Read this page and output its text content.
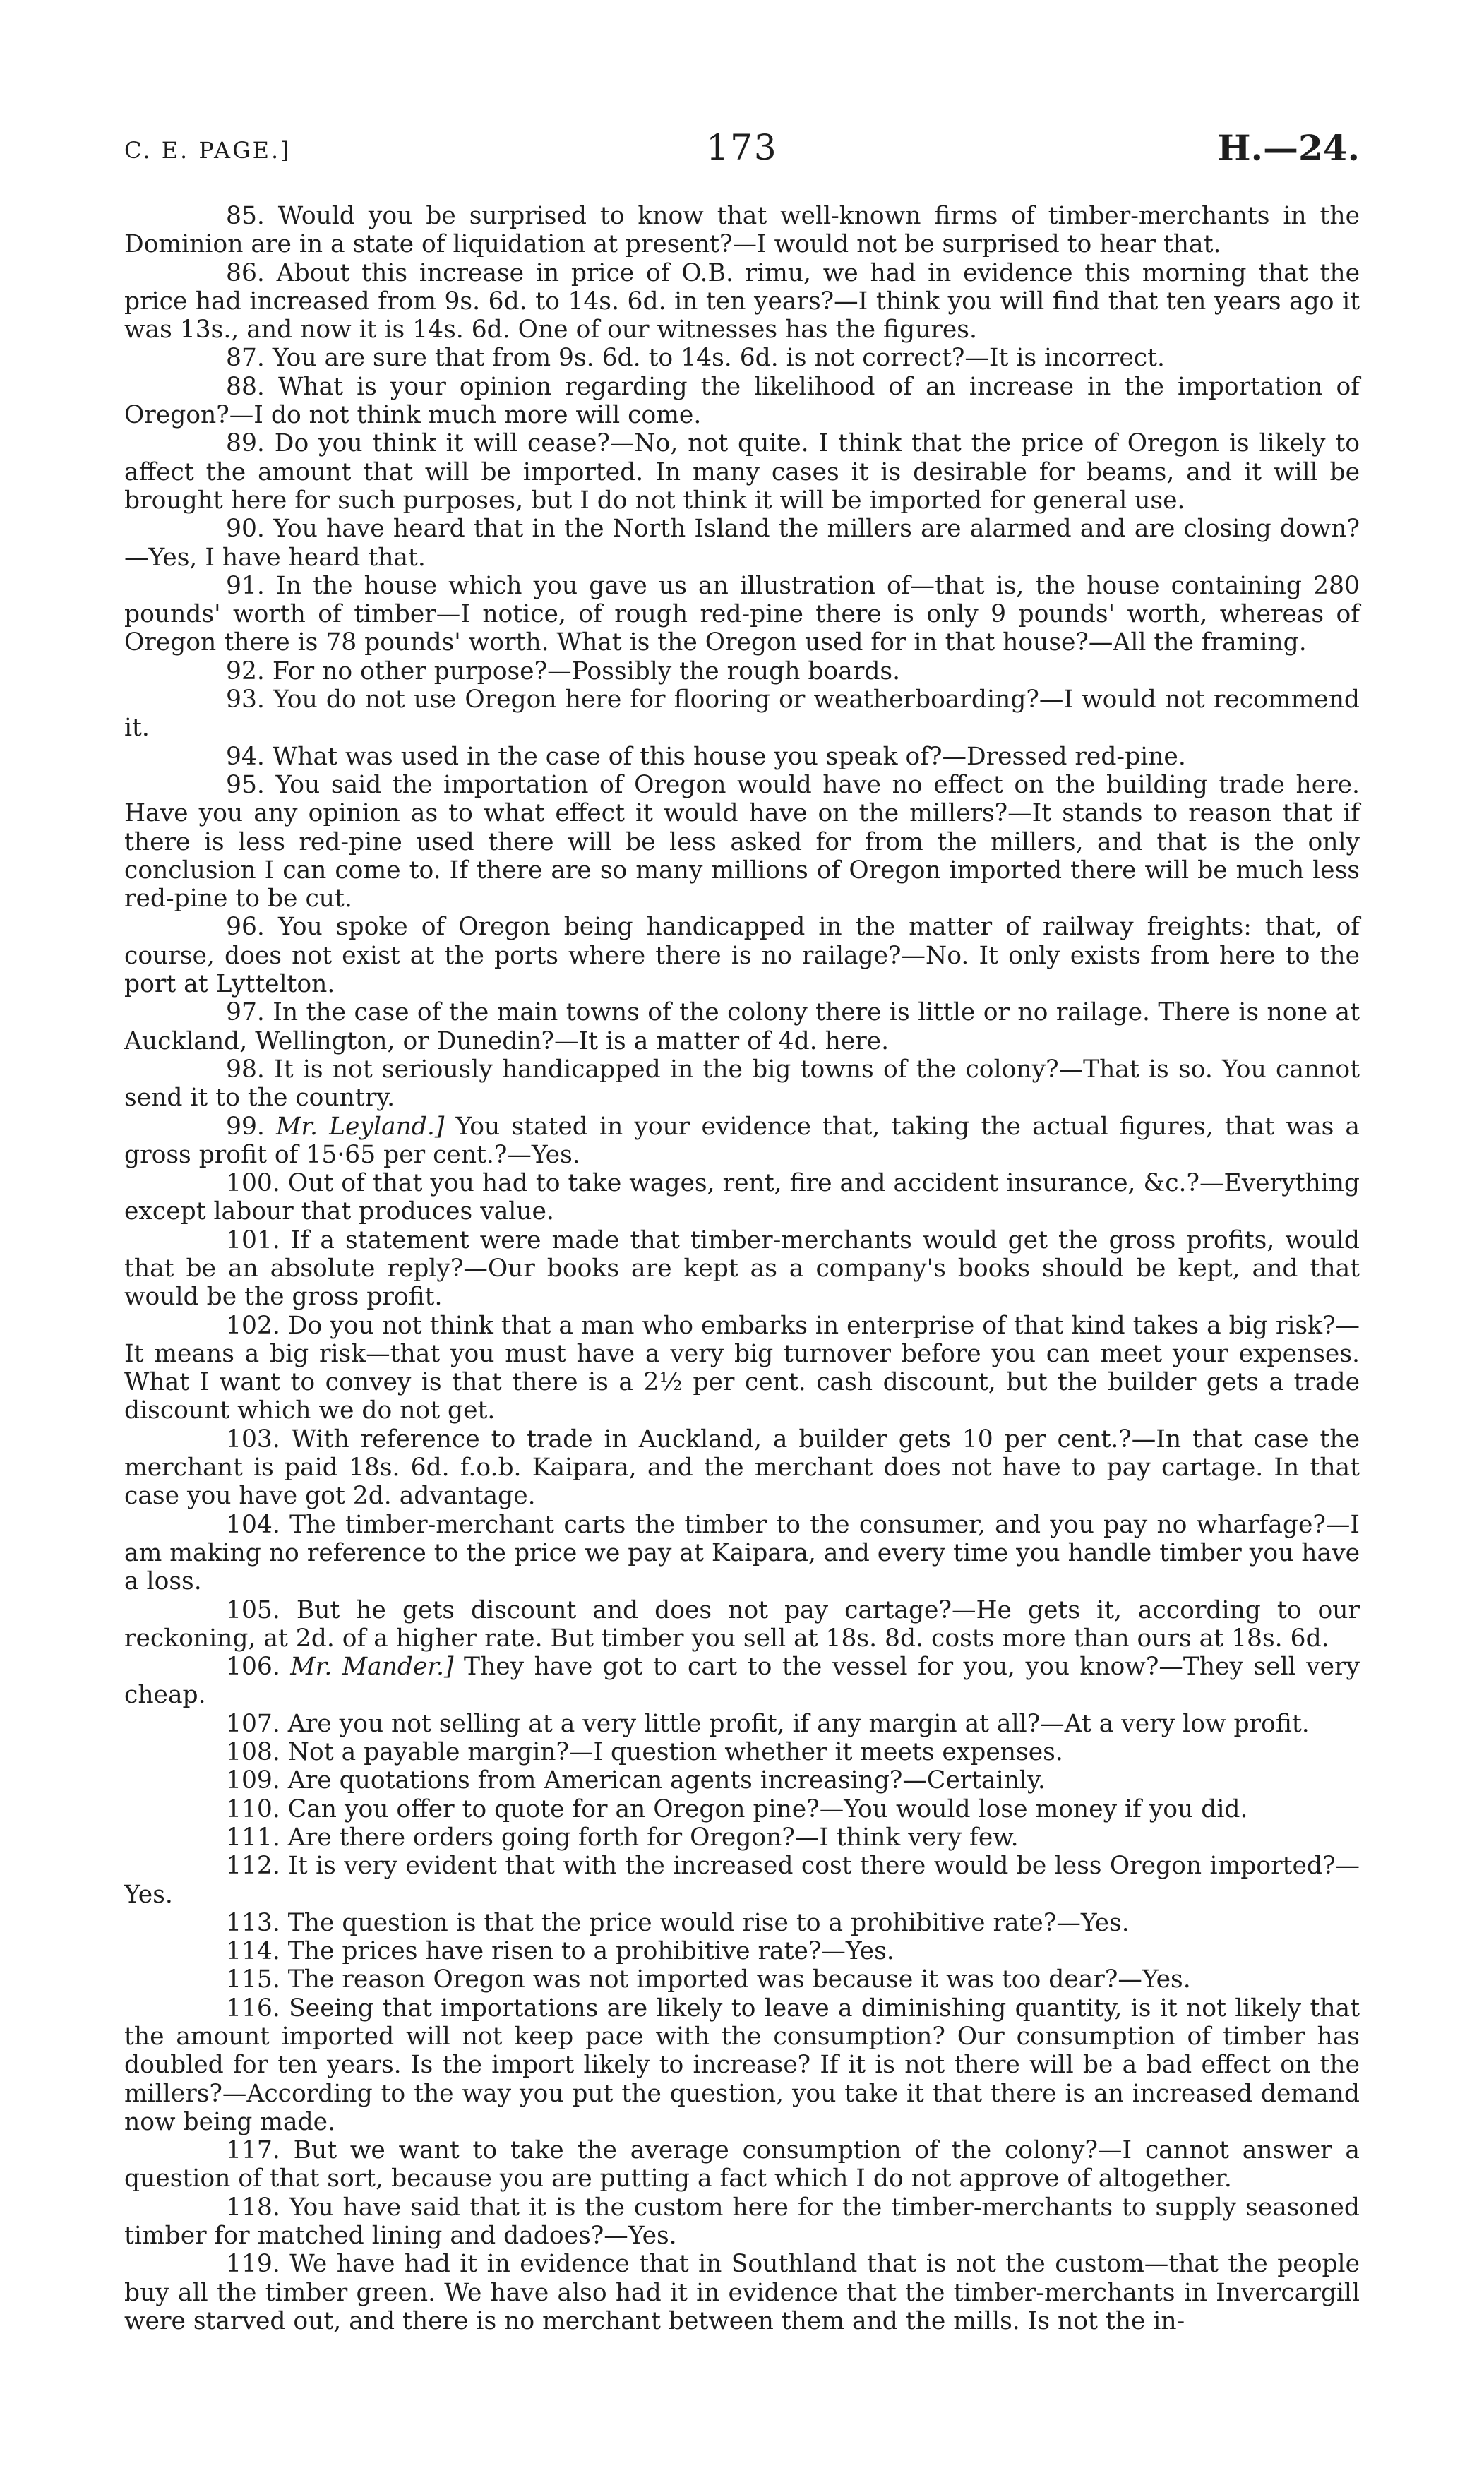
C. E. PAGE.]	173	H.—24.

85. Would you be surprised to know that well-known firms of timber-merchants in the Dominion are in a state of liquidation at present?—I would not be surprised to hear that.

86. About this increase in price of O.B. rimu, we had in evidence this morning that the price had increased from 9s. 6d. to 14s. 6d. in ten years?—I think you will find that ten years ago it was 13s., and now it is 14s. 6d. One of our witnesses has the figures.

87. You are sure that from 9s. 6d. to 14s. 6d. is not correct?—It is incorrect.

88. What is your opinion regarding the likelihood of an increase in the importation of Oregon?—I do not think much more will come.

89. Do you think it will cease?—No, not quite. I think that the price of Oregon is likely to affect the amount that will be imported. In many cases it is desirable for beams, and it will be brought here for such purposes, but I do not think it will be imported for general use.

90. You have heard that in the North Island the millers are alarmed and are closing down?—Yes, I have heard that.

91. In the house which you gave us an illustration of—that is, the house containing 280 pounds' worth of timber—I notice, of rough red-pine there is only 9 pounds' worth, whereas of Oregon there is 78 pounds' worth. What is the Oregon used for in that house?—All the framing.

92. For no other purpose?—Possibly the rough boards.

93. You do not use Oregon here for flooring or weatherboarding?—I would not recommend it.

94. What was used in the case of this house you speak of?—Dressed red-pine.

95. You said the importation of Oregon would have no effect on the building trade here. Have you any opinion as to what effect it would have on the millers?—It stands to reason that if there is less red-pine used there will be less asked for from the millers, and that is the only conclusion I can come to. If there are so many millions of Oregon imported there will be much less red-pine to be cut.

96. You spoke of Oregon being handicapped in the matter of railway freights: that, of course, does not exist at the ports where there is no railage?—No. It only exists from here to the port at Lyttelton.

97. In the case of the main towns of the colony there is little or no railage. There is none at Auckland, Wellington, or Dunedin?—It is a matter of 4d. here.

98. It is not seriously handicapped in the big towns of the colony?—That is so. You cannot send it to the country.

99. Mr. Leyland.] You stated in your evidence that, taking the actual figures, that was a gross profit of 15·65 per cent.?—Yes.

100. Out of that you had to take wages, rent, fire and accident insurance, &c.?—Everything except labour that produces value.

101. If a statement were made that timber-merchants would get the gross profits, would that be an absolute reply?—Our books are kept as a company's books should be kept, and that would be the gross profit.

102. Do you not think that a man who embarks in enterprise of that kind takes a big risk?—It means a big risk—that you must have a very big turnover before you can meet your expenses. What I want to convey is that there is a 2½ per cent. cash discount, but the builder gets a trade discount which we do not get.

103. With reference to trade in Auckland, a builder gets 10 per cent.?—In that case the merchant is paid 18s. 6d. f.o.b. Kaipara, and the merchant does not have to pay cartage. In that case you have got 2d. advantage.

104. The timber-merchant carts the timber to the consumer, and you pay no wharfage?—I am making no reference to the price we pay at Kaipara, and every time you handle timber you have a loss.

105. But he gets discount and does not pay cartage?—He gets it, according to our reckoning, at 2d. of a higher rate. But timber you sell at 18s. 8d. costs more than ours at 18s. 6d.

106. Mr. Mander.] They have got to cart to the vessel for you, you know?—They sell very cheap.

107. Are you not selling at a very little profit, if any margin at all?—At a very low profit.

108. Not a payable margin?—I question whether it meets expenses.

109. Are quotations from American agents increasing?—Certainly.

110. Can you offer to quote for an Oregon pine?—You would lose money if you did.

111. Are there orders going forth for Oregon?—I think very few.

112. It is very evident that with the increased cost there would be less Oregon imported?—Yes.

113. The question is that the price would rise to a prohibitive rate?—Yes.

114. The prices have risen to a prohibitive rate?—Yes.

115. The reason Oregon was not imported was because it was too dear?—Yes.

116. Seeing that importations are likely to leave a diminishing quantity, is it not likely that the amount imported will not keep pace with the consumption? Our consumption of timber has doubled for ten years. Is the import likely to increase? If it is not there will be a bad effect on the millers?—According to the way you put the question, you take it that there is an increased demand now being made.

117. But we want to take the average consumption of the colony?—I cannot answer a question of that sort, because you are putting a fact which I do not approve of altogether.

118. You have said that it is the custom here for the timber-merchants to supply seasoned timber for matched lining and dadoes?—Yes.

119. We have had it in evidence that in Southland that is not the custom—that the people buy all the timber green. We have also had it in evidence that the timber-merchants in Invercargill were starved out, and there is no merchant between them and the mills. Is not the in-
